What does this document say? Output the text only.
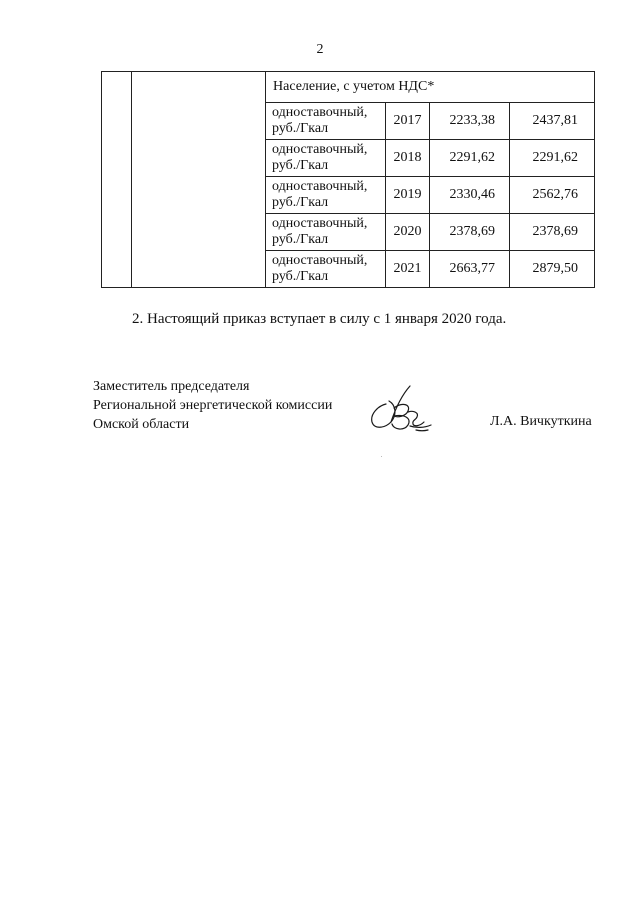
2
		Население, с учетом НДС*			
		одноставочный,
руб./Гкал	2017	2233,38	2437,81
		одноставочный,
руб./Гкал	2018	2291,62	2291,62
		одноставочный,
руб./Гкал	2019	2330,46	2562,76
		одноставочный,
руб./Гкал	2020	2378,69	2378,69
		одноставочный,
руб./Гкал	2021	2663,77	2879,50
2. Настоящий приказ вступает в силу с 1 января 2020 года.
Заместитель председателя
Региональной энергетической комиссии
Омской области	Л.А. Вичкуткина
